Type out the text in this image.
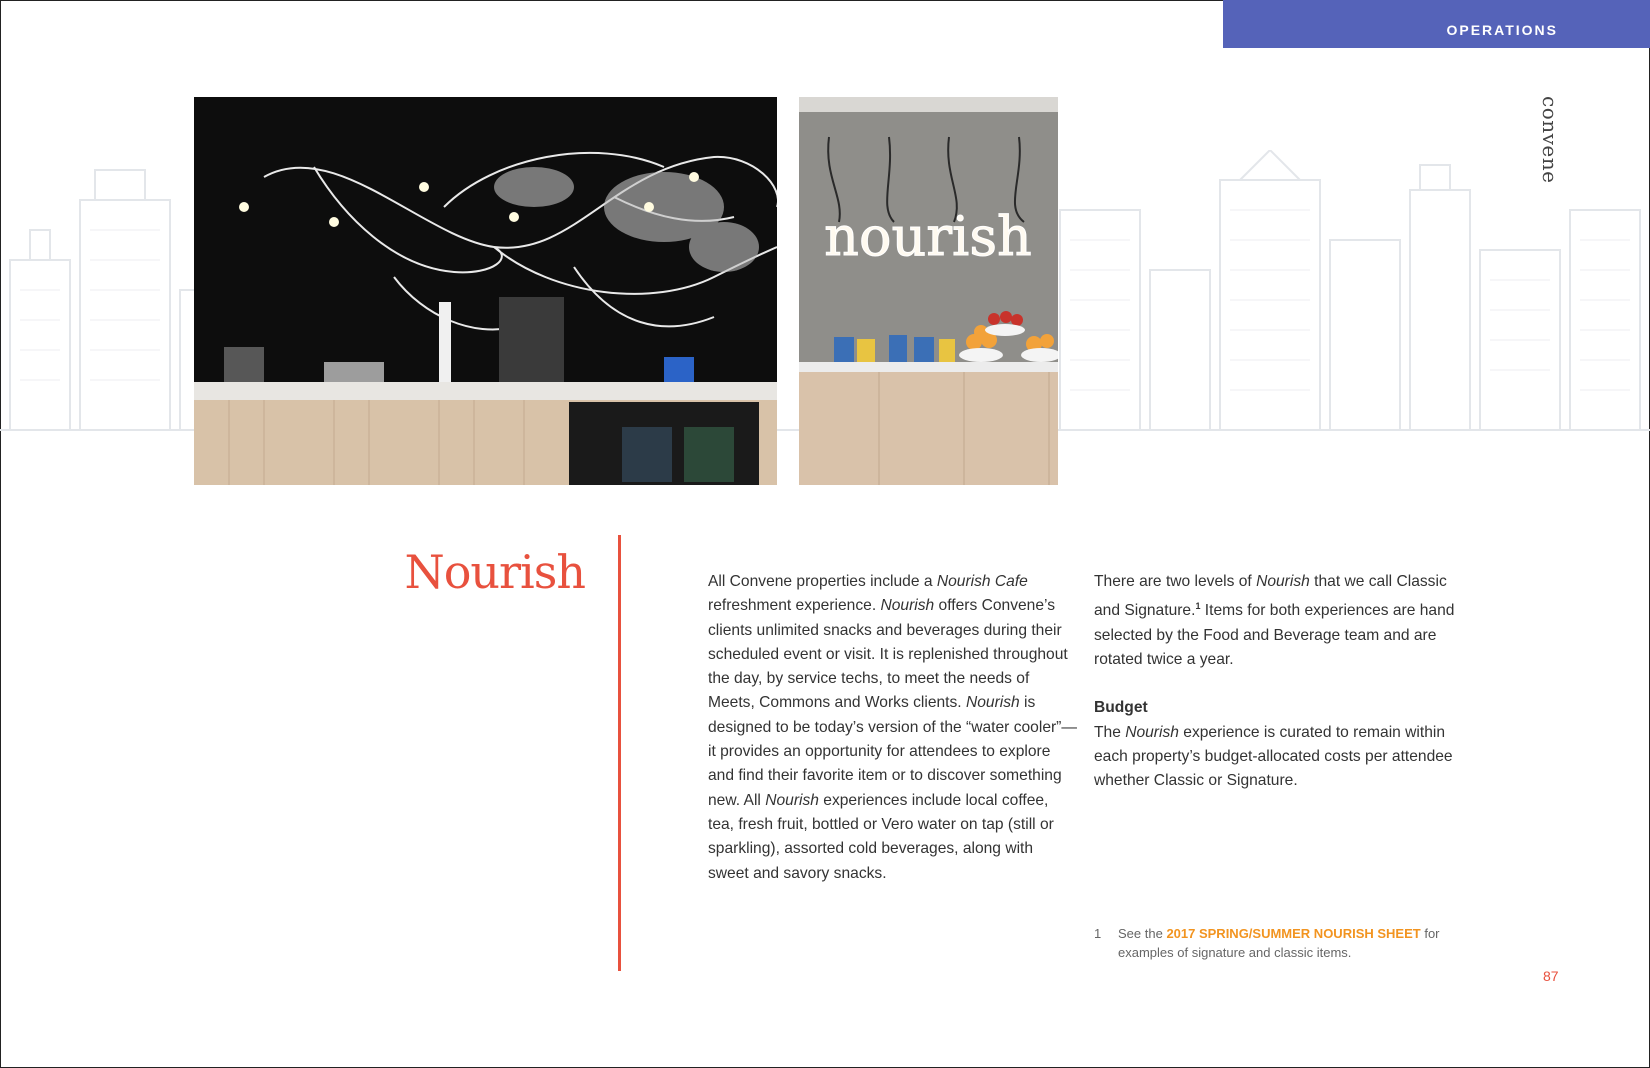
OPERATIONS
convene
nourish
Nourish	All Convene properties include a Nourish Cafe refreshment experience. Nourish offers Convene’s clients unlimited snacks and beverages during their scheduled event or visit. It is replenished throughout the day, by service techs, to meet the needs of Meets, Commons and Works clients. Nourish is designed to be today’s version of the “water cooler”—it provides an opportunity for attendees to explore and find their favorite item or to discover something new. All Nourish experiences include local coffee, tea, fresh fruit, bottled or Vero water on tap (still or sparkling), assorted cold beverages, along with sweet and savory snacks.

There are two levels of Nourish that we call Classic and Signature.$^1$ Items for both experiences are hand selected by the Food and Beverage team and are rotated twice a year.

Budget

The Nourish experience is curated to remain within each property’s budget-allocated costs per attendee whether Classic or Signature.

1 See the 2017 SPRING/SUMMER NOURISH SHEET for examples of signature and classic items.
87
